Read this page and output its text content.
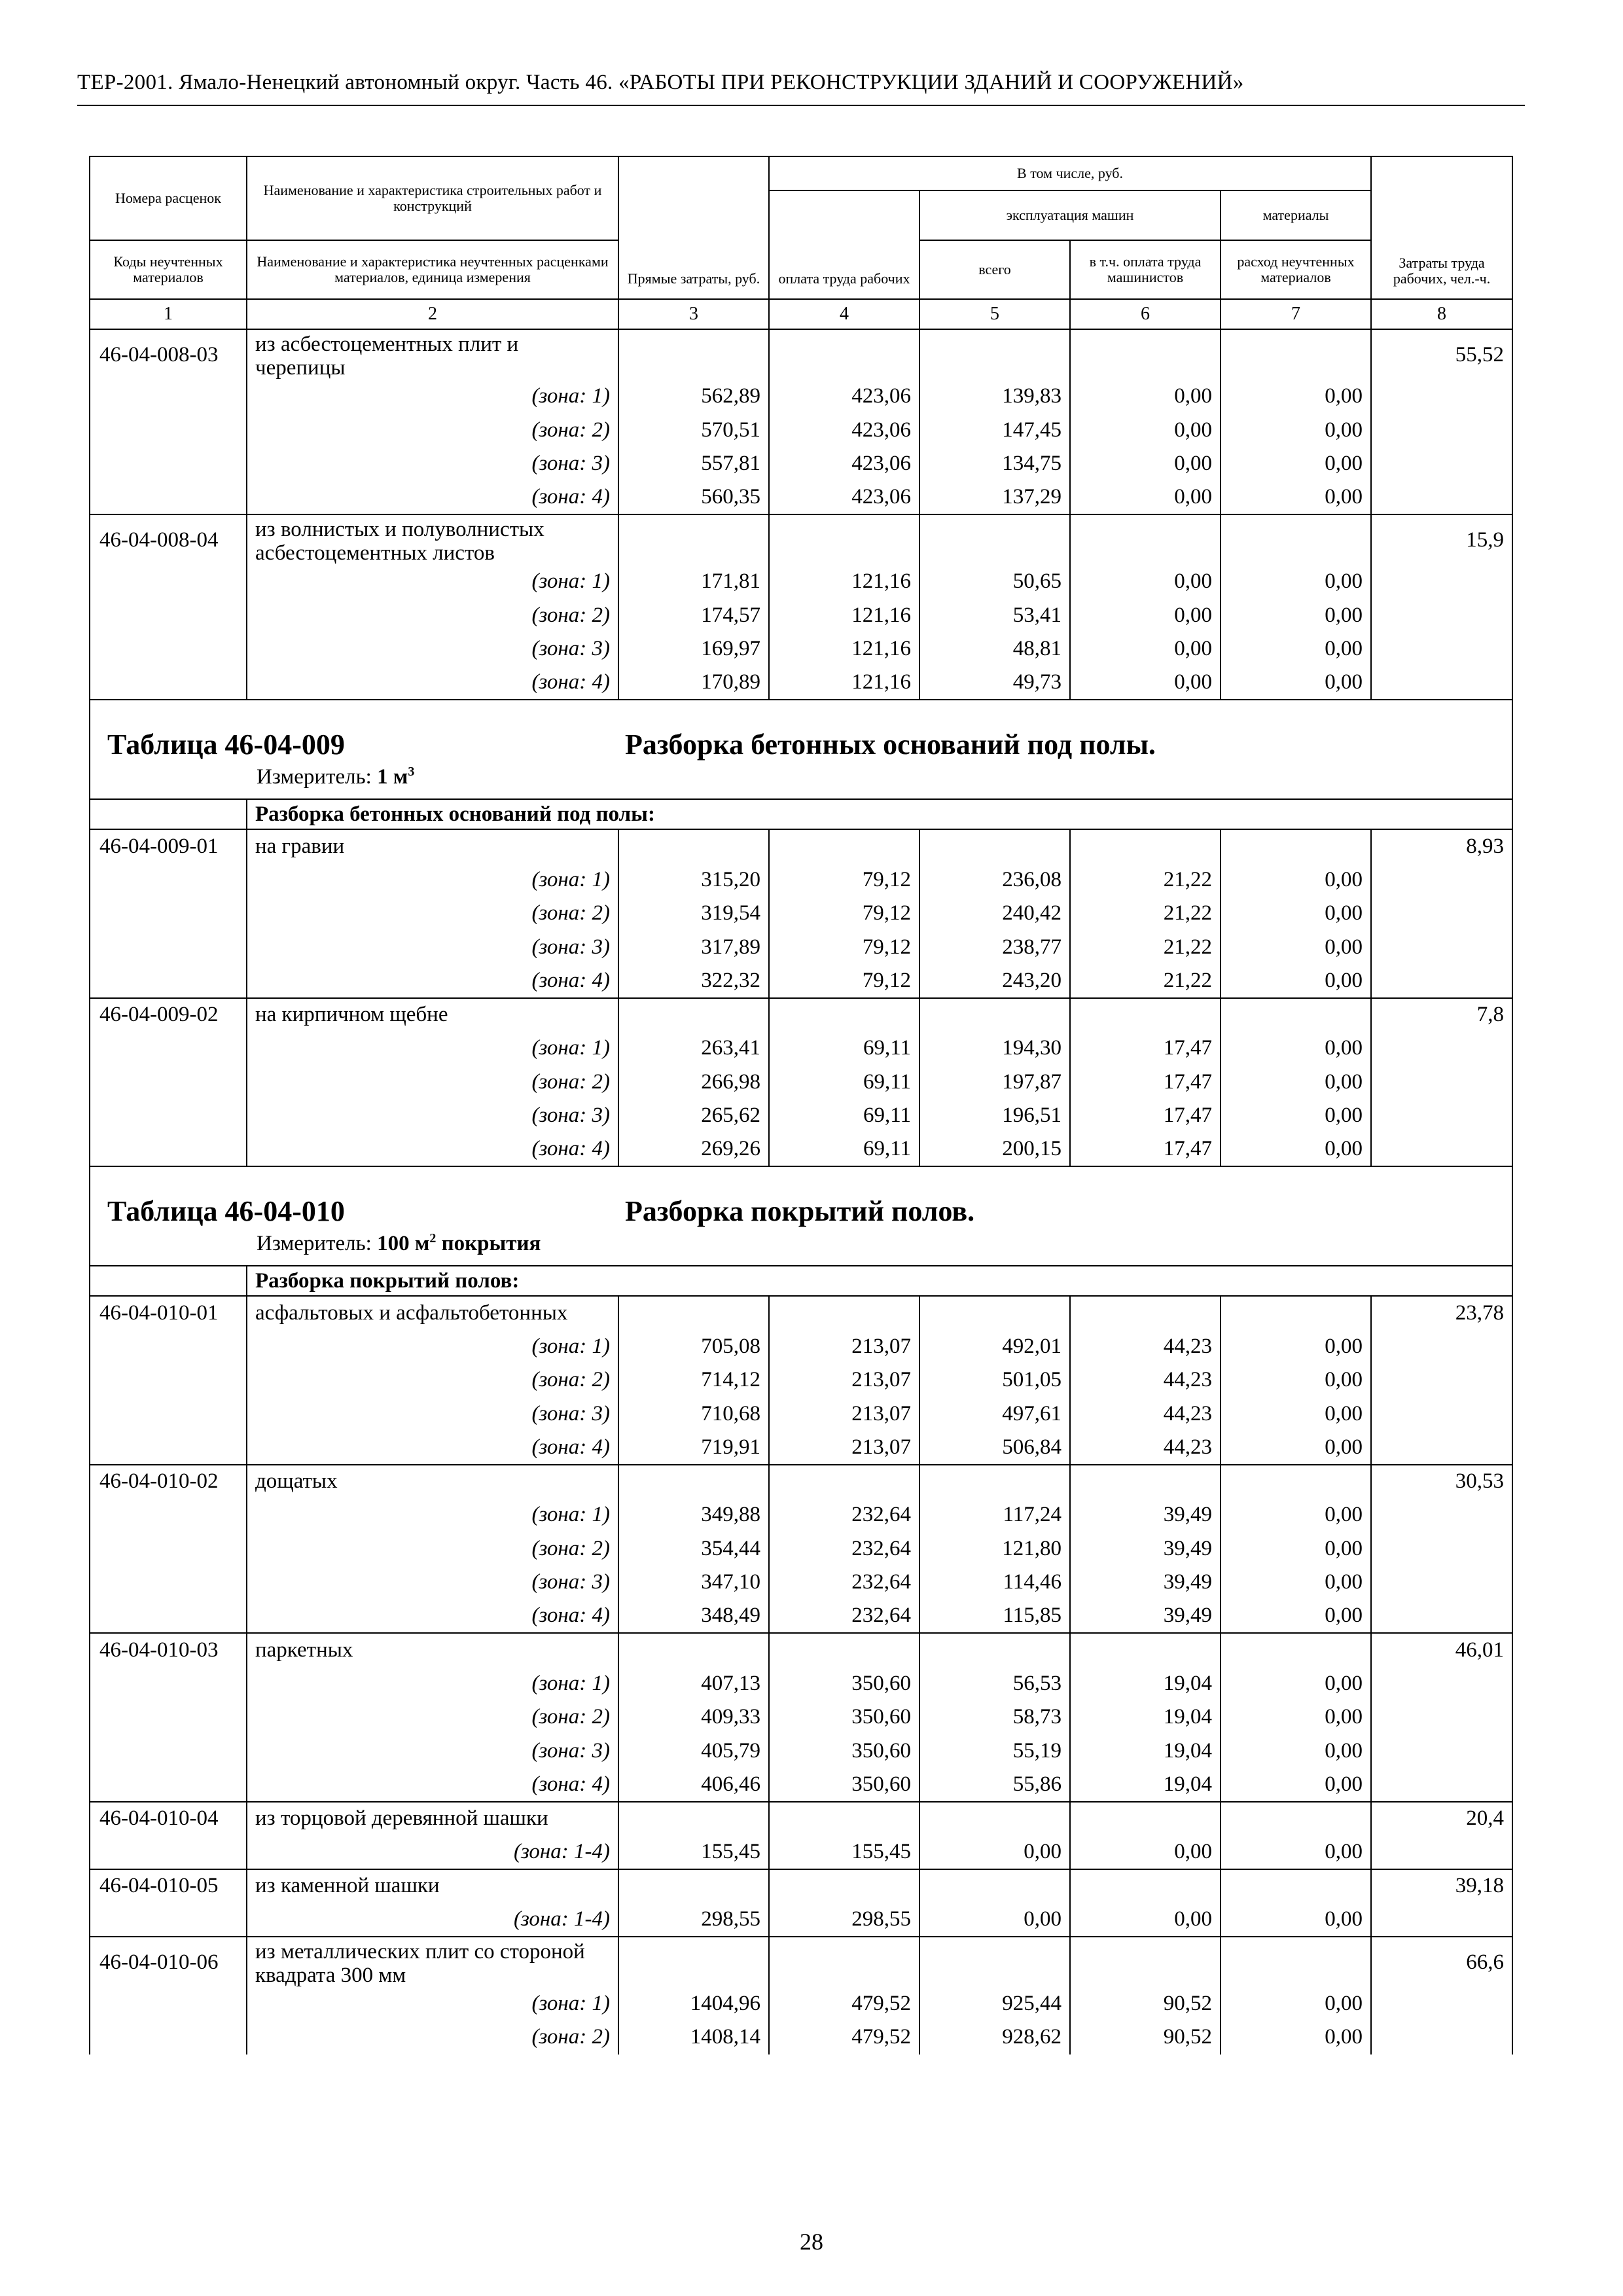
ТЕР-2001. Ямало-Ненецкий автономный округ. Часть 46. «РАБОТЫ ПРИ РЕКОНСТРУКЦИИ ЗДАНИЙ И СООРУЖЕНИЙ»
Номера расценок	Наименование и характеристика строительных работ и конструкций	Прямые затраты, руб.	В том числе, руб.				Затраты труда рабочих, чел.-ч.
			оплата труда рабочих	эксплуатация машин		материалы	
Коды неучтенных материалов	Наименование и характеристика неучтенных расценками материалов, единица измерения			всего	в т.ч. оплата труда машинистов	расход неучтенных материалов	

1	2	3	4	5	6	7	8
46-04-008-03	из асбестоцементных плит и черепицы						55,52
	(зона: 1)	562,89	423,06	139,83	0,00	0,00	
	(зона: 2)	570,51	423,06	147,45	0,00	0,00	
	(зона: 3)	557,81	423,06	134,75	0,00	0,00	
	(зона: 4)	560,35	423,06	137,29	0,00	0,00	
46-04-008-04	из волнистых и полуволнистых асбестоцементных листов						15,9
	(зона: 1)	171,81	121,16	50,65	0,00	0,00	
	(зона: 2)	174,57	121,16	53,41	0,00	0,00	
	(зона: 3)	169,97	121,16	48,81	0,00	0,00	
	(зона: 4)	170,89	121,16	49,73	0,00	0,00	

Таблица 46-04-009 Разборка бетонных оснований под полы.
Измеритель: 1 $м^3$

	Разборка бетонных оснований под полы:						
46-04-009-01	на гравии						8,93
	(зона: 1)	315,20	79,12	236,08	21,22	0,00	
	(зона: 2)	319,54	79,12	240,42	21,22	0,00	
	(зона: 3)	317,89	79,12	238,77	21,22	0,00	
	(зона: 4)	322,32	79,12	243,20	21,22	0,00	
46-04-009-02	на кирпичном щебне						7,8
	(зона: 1)	263,41	69,11	194,30	17,47	0,00	
	(зона: 2)	266,98	69,11	197,87	17,47	0,00	
	(зона: 3)	265,62	69,11	196,51	17,47	0,00	
	(зона: 4)	269,26	69,11	200,15	17,47	0,00	

Таблица 46-04-010 Разборка покрытий полов.
Измеритель: 100 $м^2$ покрытия							

	Разборка покрытий полов:						
46-04-010-01	асфальтовых и асфальтобетонных						23,78
	(зона: 1)	705,08	213,07	492,01	44,23	0,00	
	(зона: 2)	714,12	213,07	501,05	44,23	0,00	
	(зона: 3)	710,68	213,07	497,61	44,23	0,00	
	(зона: 4)	719,91	213,07	506,84	44,23	0,00	
46-04-010-02	дощатых						30,53
	(зона: 1)	349,88	232,64	117,24	39,49	0,00	
	(зона: 2)	354,44	232,64	121,80	39,49	0,00	
	(зона: 3)	347,10	232,64	114,46	39,49	0,00	
	(зона: 4)	348,49	232,64	115,85	39,49	0,00	
46-04-010-03	паркетных						46,01
	(зона: 1)	407,13	350,60	56,53	19,04	0,00	
	(зона: 2)	409,33	350,60	58,73	19,04	0,00	
	(зона: 3)	405,79	350,60	55,19	19,04	0,00	
	(зона: 4)	406,46	350,60	55,86	19,04	0,00	
46-04-010-04	из торцовой деревянной шашки						20,4
	(зона: 1-4)	155,45	155,45	0,00	0,00	0,00	
46-04-010-05	из каменной шашки						39,18
	(зона: 1-4)	298,55	298,55	0,00	0,00	0,00	
46-04-010-06	из металлических плит со стороной квадрата 300 мм						66,6
	(зона: 1)	1404,96	479,52	925,44	90,52	0,00	
	(зона: 2)	1408,14	479,52	928,62	90,52	0,00	
28
